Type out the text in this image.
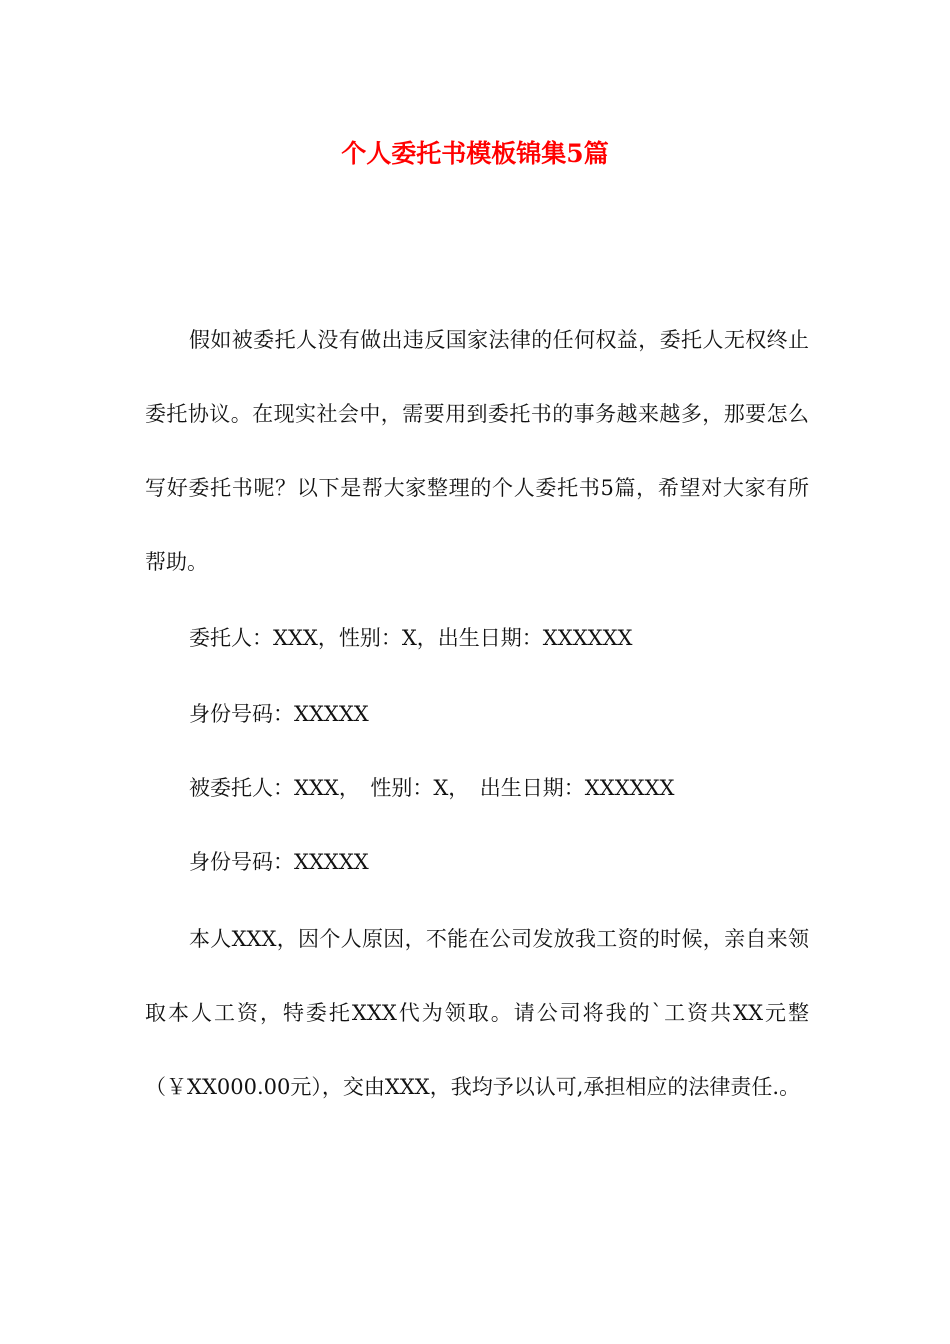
个人委托书模板锦集5篇

假如被委托人没有做出违反国家法律的任何权益，委托人无权终止委托协议。在现实社会中，需要用到委托书的事务越来越多，那要怎么写好委托书呢？以下是帮大家整理的个人委托书5篇，希望对大家有所帮助。

委托人：XXX，性别：X，出生日期：XXXXXX

身份号码：XXXXX

被委托人：XXX，　性别：X，　出生日期：XXXXXX

身份号码：XXXXX

本人XXX，因个人原因，不能在公司发放我工资的时候，亲自来领取本人工资，特委托XXX代为领取。请公司将我的`工资共XX元整（￥XX000.00元），交由XXX，我均予以认可,承担相应的法律责任.。
